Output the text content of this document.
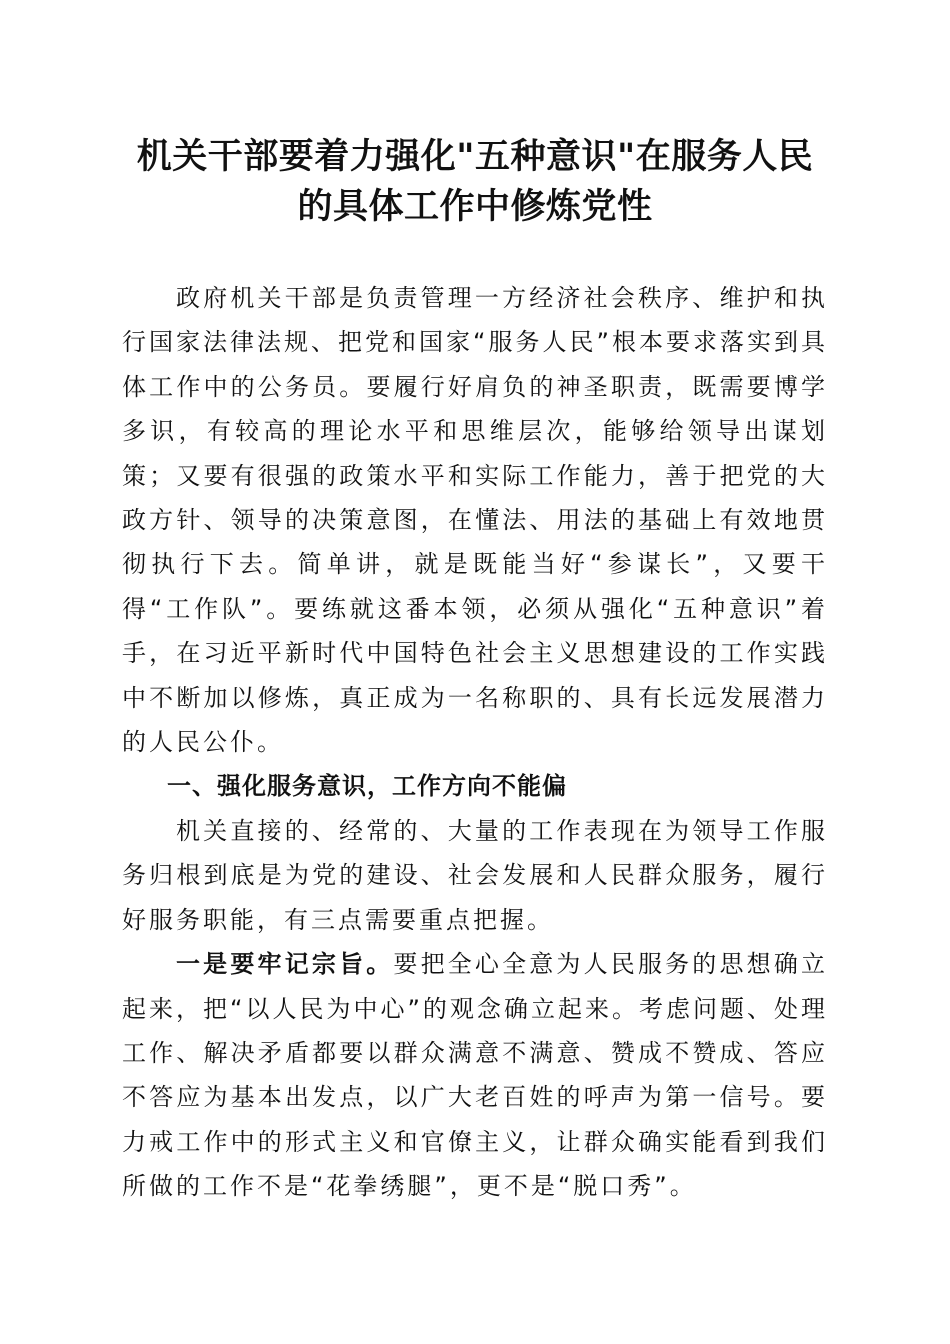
机关干部要着力强化"五种意识"在服务人民
的具体工作中修炼党性

政府机关干部是负责管理一方经济社会秩序、维护和执行国家法律法规、把党和国家“服务人民”根本要求落实到具体工作中的公务员。要履行好肩负的神圣职责，既需要博学多识，有较高的理论水平和思维层次，能够给领导出谋划策；又要有很强的政策水平和实际工作能力，善于把党的大政方针、领导的决策意图，在懂法、用法的基础上有效地贯彻执行下去。简单讲，就是既能当好“参谋长”，又要干得“工作队”。要练就这番本领，必须从强化“五种意识”着手，在习近平新时代中国特色社会主义思想建设的工作实践中不断加以修炼，真正成为一名称职的、具有长远发展潜力的人民公仆。

一、强化服务意识，工作方向不能偏

机关直接的、经常的、大量的工作表现在为领导工作服务归根到底是为党的建设、社会发展和人民群众服务，履行好服务职能，有三点需要重点把握。

一是要牢记宗旨。要把全心全意为人民服务的思想确立起来，把“以人民为中心”的观念确立起来。考虑问题、处理工作、解决矛盾都要以群众满意不满意、赞成不赞成、答应不答应为基本出发点，以广大老百姓的呼声为第一信号。要力戒工作中的形式主义和官僚主义，让群众确实能看到我们所做的工作不是“花拳绣腿”，更不是“脱口秀”。
